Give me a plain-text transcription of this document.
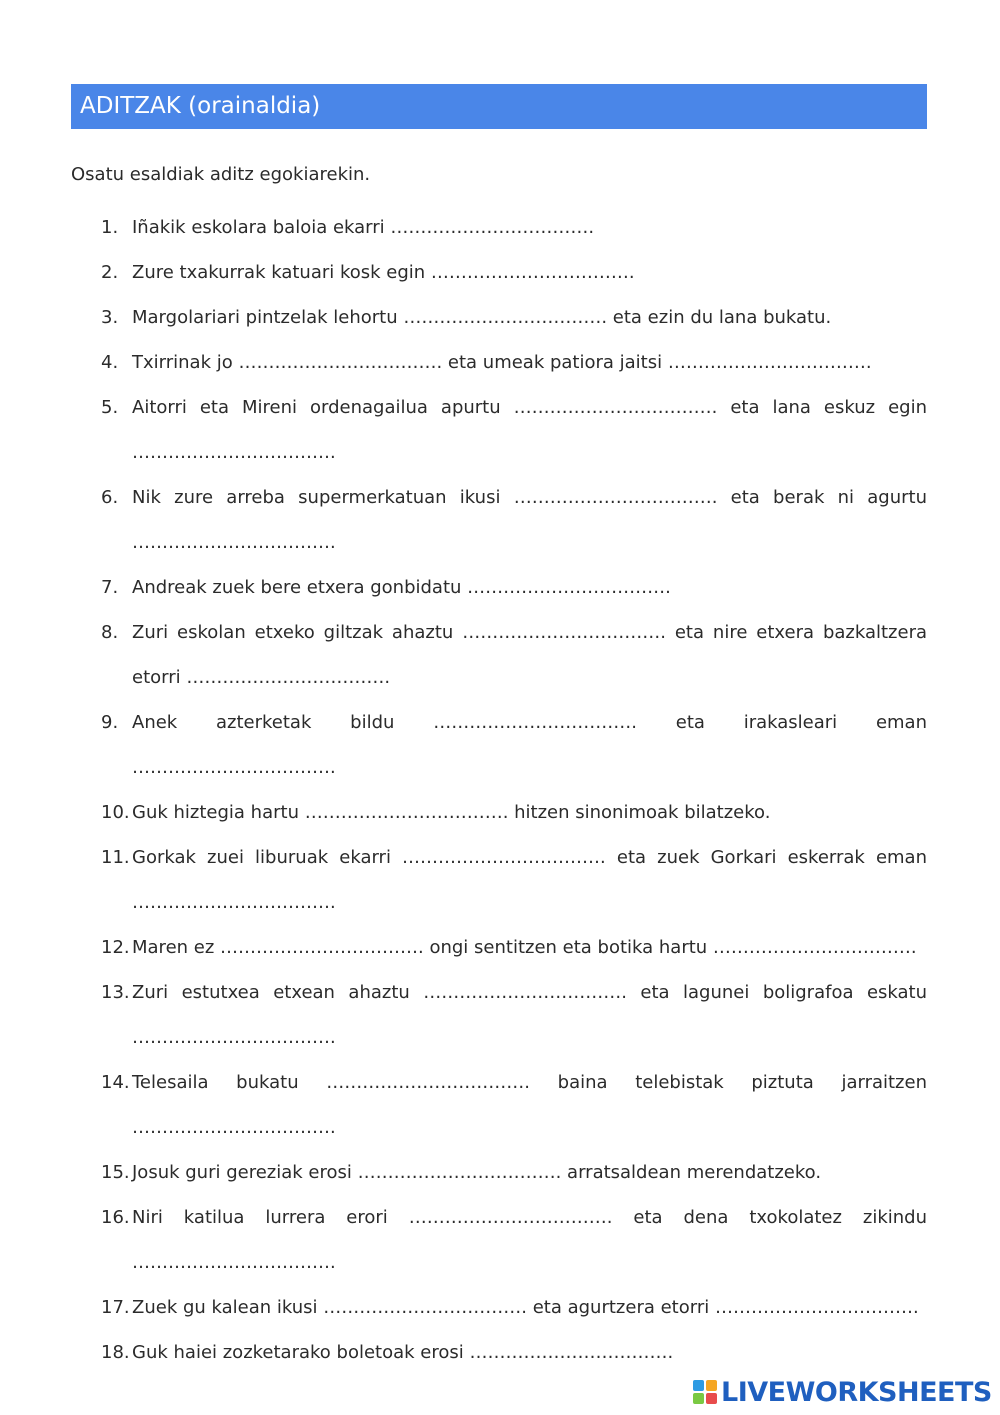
ADITZAK (orainaldia)
Osatu esaldiak aditz egokiarekin.
1. Iñakik eskolara baloia ekarri …………………………….
2. Zure txakurrak katuari kosk egin …………………………….
3. Margolariari pintzelak lehortu ……………………………. eta ezin du lana bukatu.
4. Txirrinak jo ……………………………. eta umeak patiora jaitsi …………………………….
5. Aitorri eta Mireni ordenagailua apurtu ……………………………. eta lana eskuz egin …………………………….
6. Nik zure arreba supermerkatuan ikusi ……………………………. eta berak ni agurtu …………………………….
7. Andreak zuek bere etxera gonbidatu …………………………….
8. Zuri eskolan etxeko giltzak ahaztu ……………………………. eta nire etxera bazkaltzera etorri …………………………….
9. Anek azterketak bildu ……………………………. eta irakasleari eman …………………………….
10. Guk hiztegia hartu ……………………………. hitzen sinonimoak bilatzeko.
11. Gorkak zuei liburuak ekarri ……………………………. eta zuek Gorkari eskerrak eman …………………………….
12. Maren ez ……………………………. ongi sentitzen eta botika hartu …………………………….
13. Zuri estutxea etxean ahaztu ……………………………. eta lagunei boligrafoa eskatu …………………………….
14. Telesaila bukatu ……………………………. baina telebistak piztuta jarraitzen …………………………….
15. Josuk guri gereziak erosi ……………………………. arratsaldean merendatzeko.
16. Niri katilua lurrera erori ……………………………. eta dena txokolatez zikindu …………………………….
17. Zuek gu kalean ikusi ……………………………. eta agurtzera etorri …………………………….
18. Guk haiei zozketarako boletoak erosi …………………………….
LIVEWORKSHEETS
